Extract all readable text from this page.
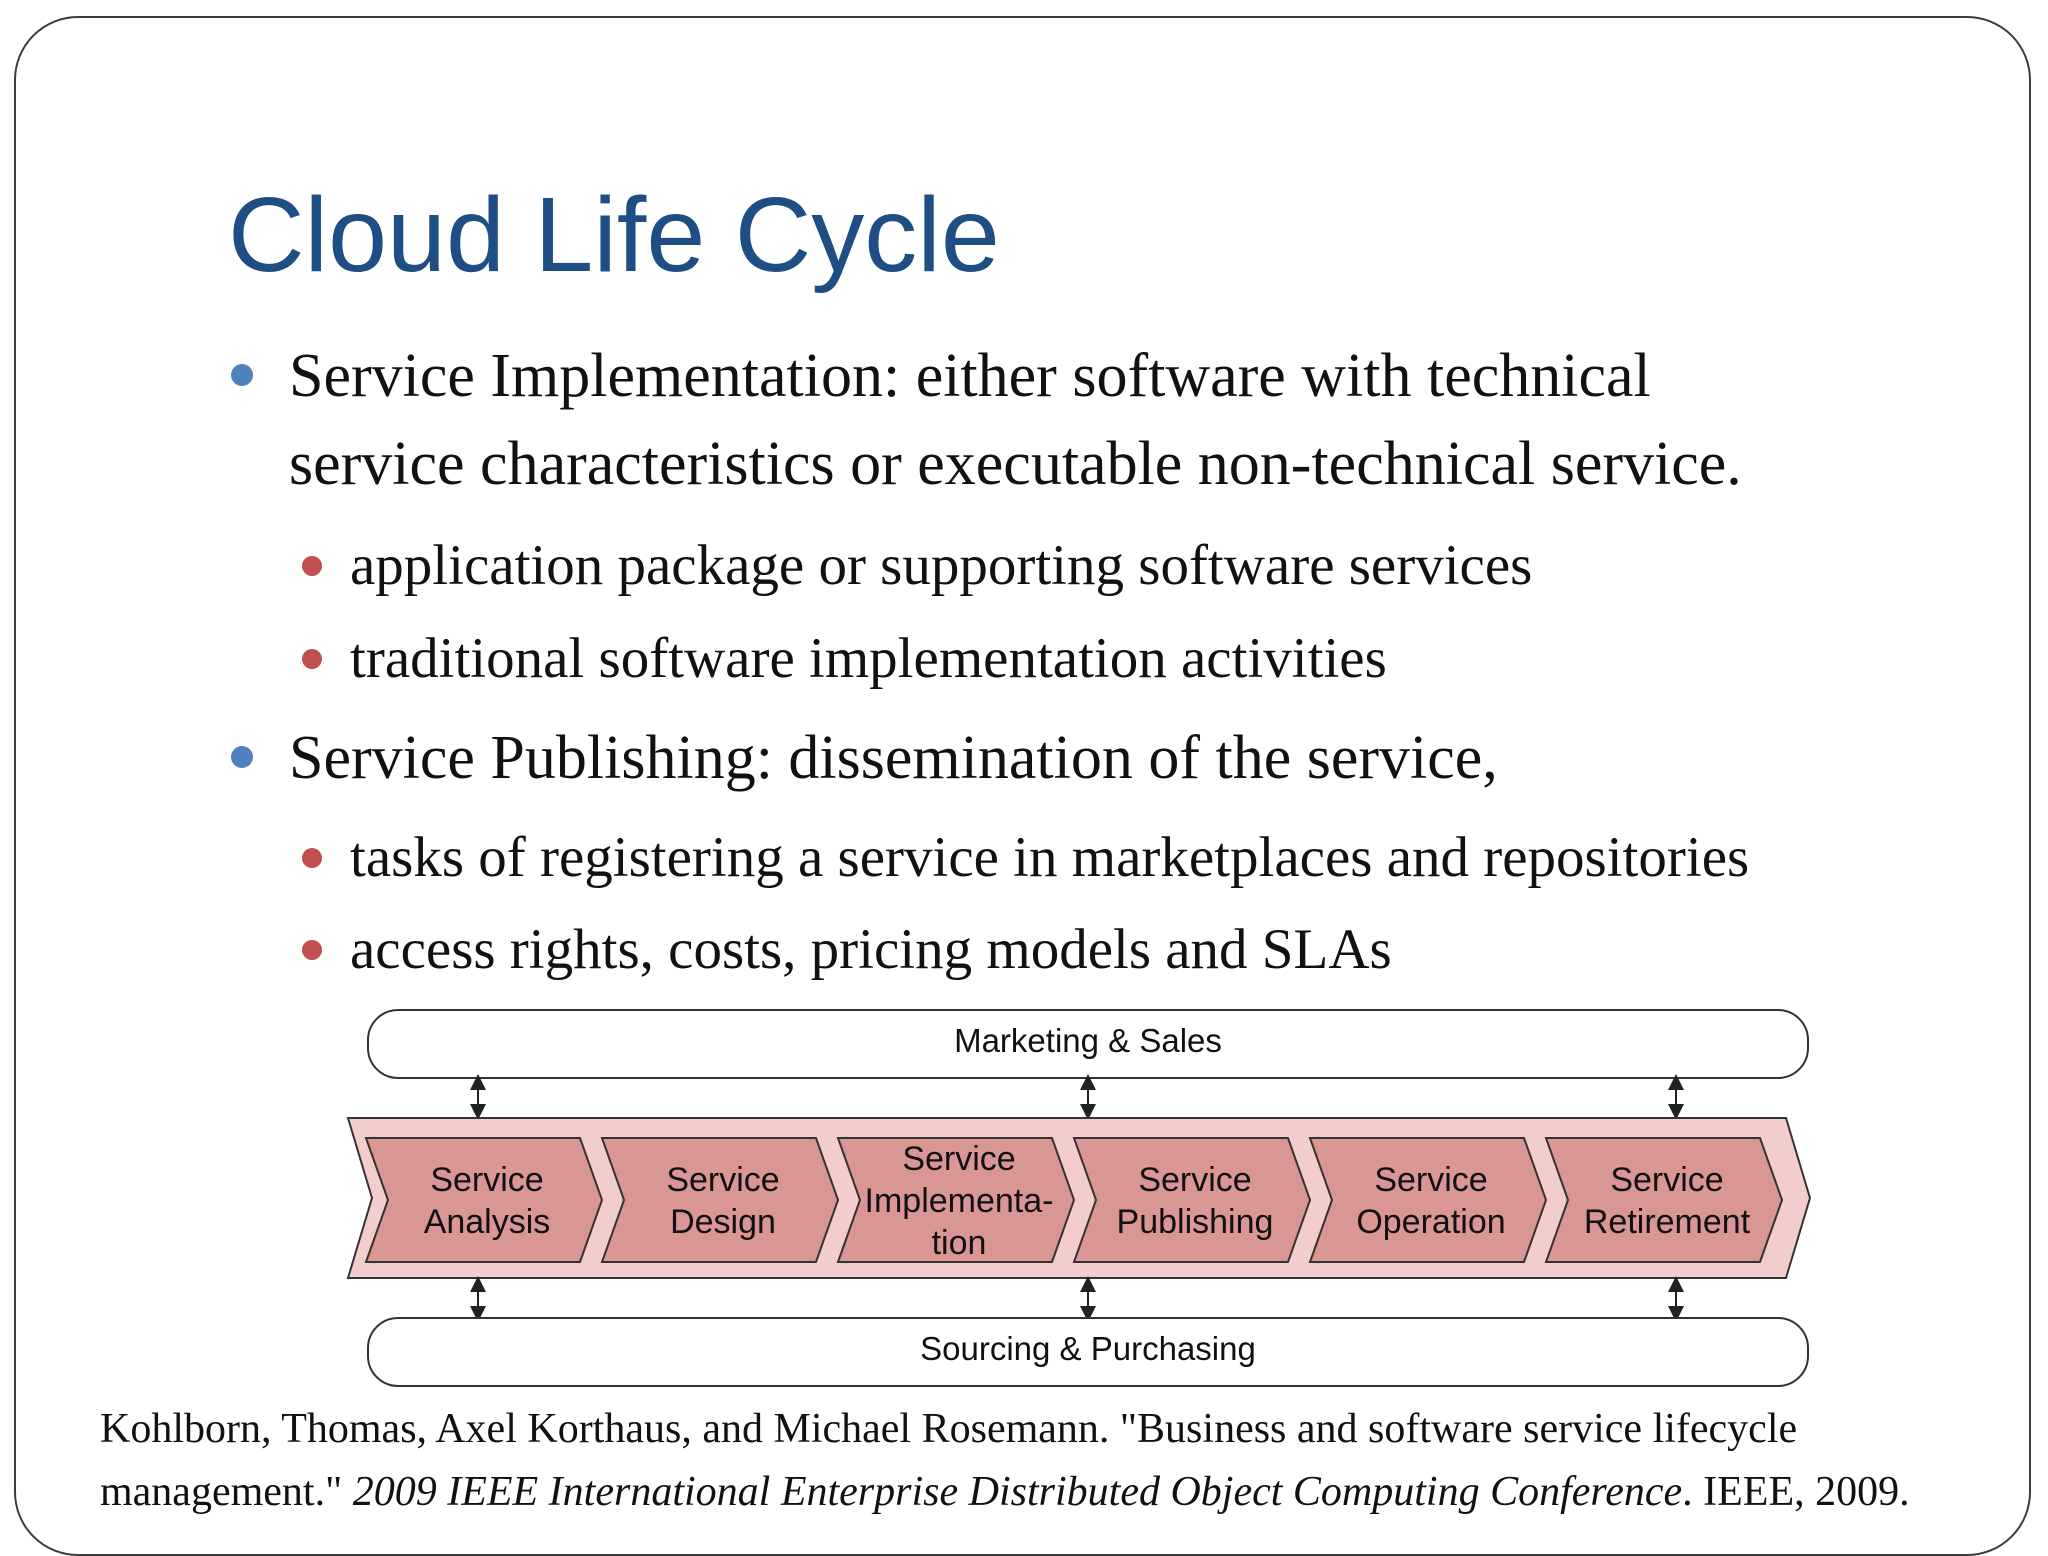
Cloud Life Cycle
Service Implementation: either software with technical
service characteristics or executable non-technical service.
application package or supporting software services
traditional software implementation activities
Service Publishing: dissemination of the service,
tasks of registering a service in marketplaces and repositories
access rights, costs, pricing models and SLAs
Marketing & Sales
Service
Analysis
Service
Design
Service
Implementa-
tion
Service
Publishing
Service
Operation
Service
Retirement
Sourcing & Purchasing

Kohlborn, Thomas, Axel Korthaus, and Michael Rosemann. "Business and software service lifecycle management." 2009 IEEE International Enterprise Distributed Object Computing Conference. IEEE, 2009.
